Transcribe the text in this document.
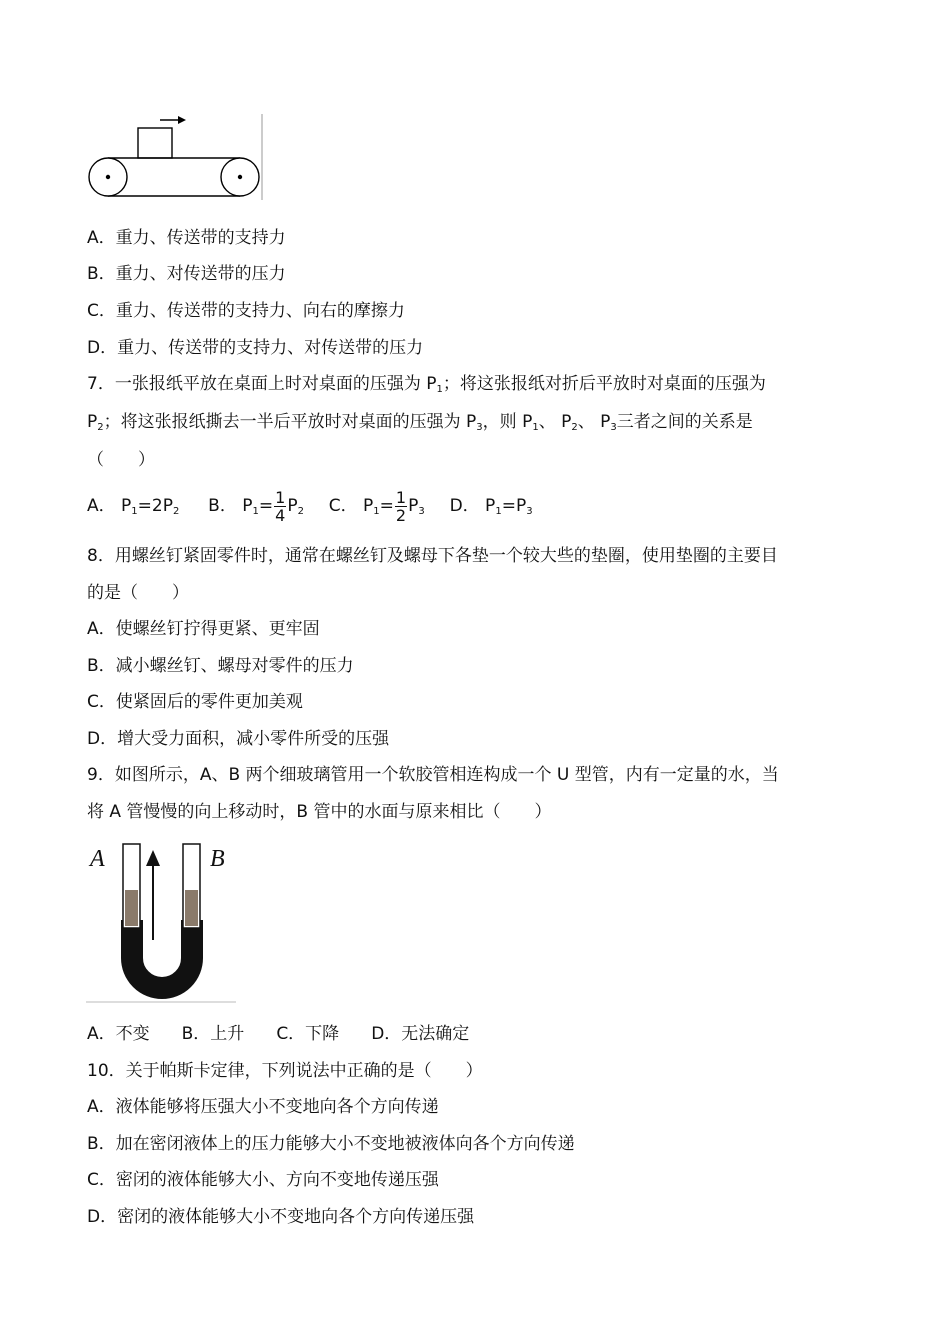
A．重力、传送带的支持力
B．重力、对传送带的压力
C．重力、传送带的支持力、向右的摩擦力
D．重力、传送带的支持力、对传送带的压力
7．一张报纸平放在桌面上时对桌面的压强为 $P_1$；将这张报纸对折后平放时对桌面的压强为
$P_2$；将这张报纸撕去一半后平放时对桌面的压强为 $P_3$，则 $P_1$、 $P_2$、 $P_3$三者之间的关系是
（　　）
A． $P_1=2P_2$ B． $P_1= \frac{1}{4} P_2$ C． $P_1= \frac{1}{2} P_3$ D． $P_1=P_3$
8．用螺丝钉紧固零件时，通常在螺丝钉及螺母下各垫一个较大些的垫圈，使用垫圈的主要目
的是（　　）
A．使螺丝钉拧得更紧、更牢固
B．减小螺丝钉、螺母对零件的压力
C．使紧固后的零件更加美观
D．增大受力面积，减小零件所受的压强
9．如图所示，A、B 两个细玻璃管用一个软胶管相连构成一个 U 型管，内有一定量的水，当
将 A 管慢慢的向上移动时，B 管中的水面与原来相比（　　）
A	B
A．不变 B．上升 C．下降 D．无法确定
10．关于帕斯卡定律，下列说法中正确的是（　　）
A．液体能够将压强大小不变地向各个方向传递
B．加在密闭液体上的压力能够大小不变地被液体向各个方向传递
C．密闭的液体能够大小、方向不变地传递压强
D．密闭的液体能够大小不变地向各个方向传递压强
